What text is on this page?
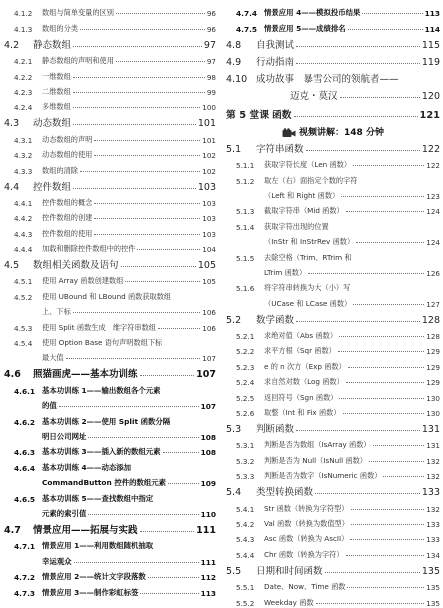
4.1.2	数组与简单变量的区别	96
4.1.3	数组的分类	96
4.2	静态数组	97
4.2.1	静态数组的声明和使用	97
4.2.2	一维数组	98
4.2.3	二维数组	99
4.2.4	多维数组	100
4.3	动态数组	101
4.3.1	动态数组的声明	101
4.3.2	动态数组的使用	102
4.3.3	数组的清除	102
4.4	控件数组	103
4.4.1	控件数组的概念	103
4.4.2	控件数组的创建	103
4.4.3	控件数组的使用	103
4.4.4	加载和删除控件数组中的控件	104
4.5	数组相关函数及语句	105
4.5.1	使用 Array 函数创建数组	105
4.5.2	使用 UBound 和 LBound 函数获取数组
上、下标	106
4.5.3	使用 Split 函数生成　维字符串数组	106
4.5.4	使用 Option Base 语句声明数组下标
最大值	107
4.6	照猫画虎——基本功训练	107
4.6.1 基本功训练 1——输出数组各个元素
的值	107
4.6.2 基本功训练 2——使用 Split 函数分隔
明日公司网址	108
4.6.3 基本功训练 3——插入新的数组元素	108
4.6.4 基本功训练 4——动态添加
CommandButton 控件的数组元素	109
4.6.5 基本功训练 5——查找数组中指定
元素的索引值	110
4.7	情景应用——拓展与实践	111
4.7.1 情景应用 1——利用数组随机抽取
幸运观众	111
4.7.2 情景应用 2——统计文字段落数	112
4.7.3 情景应用 3——制作彩虹标签	113
4.7.4 情景应用 4——模拟投币结果	113
4.7.5 情景应用 5——成绩排名	114
4.8	自我测试	115
4.9	行动指南	119
4.10 成功故事　暴雪公司的领航者——
迈克・莫汉	120
第 5 堂课 函数	121
视频讲解：148 分钟
5.1	字符串函数	122
5.1.1	获取字符长度（Len 函数）	122
5.1.2	取左（右）面指定个数的字符
（Left 和 Right 函数）	123
5.1.3	截取字符串（Mid 函数）	124
5.1.4	获取字符出现的位置
（InStr 和 InStrRev 函数）	124
5.1.5	去除空格（Trim、RTrim 和
LTrim 函数）	126
5.1.6	将字符串转换为大（小）写
（UCase 和 LCase 函数）	127
5.2	数学函数	128
5.2.1	求绝对值（Abs 函数）	128
5.2.2	求平方根（Sqr 函数）	129
5.2.3	e 的 n 次方（Exp 函数）	129
5.2.4	求自然对数（Log 函数）	129
5.2.5	返回符号（Sgn 函数）	130
5.2.6	取整（Int 和 Fix 函数）	130
5.3	判断函数	131
5.3.1	判断是否为数组（IsArray 函数）	131
5.3.2	判断是否为 Null（IsNull 函数）	132
5.3.3	判断是否为数字（IsNumeric 函数）	132
5.4	类型转换函数	133
5.4.1	Str 函数（转换为字符型）	132
5.4.2	Val 函数（转换为数值型）	133
5.4.3	Asc 函数（转换为 AscII）	133
5.4.4	Chr 函数（转换为字符）	134
5.5	日期和时间函数	135
5.5.1	Date、Now、Time 函数	135
5.5.2	Weekday 函数	135
